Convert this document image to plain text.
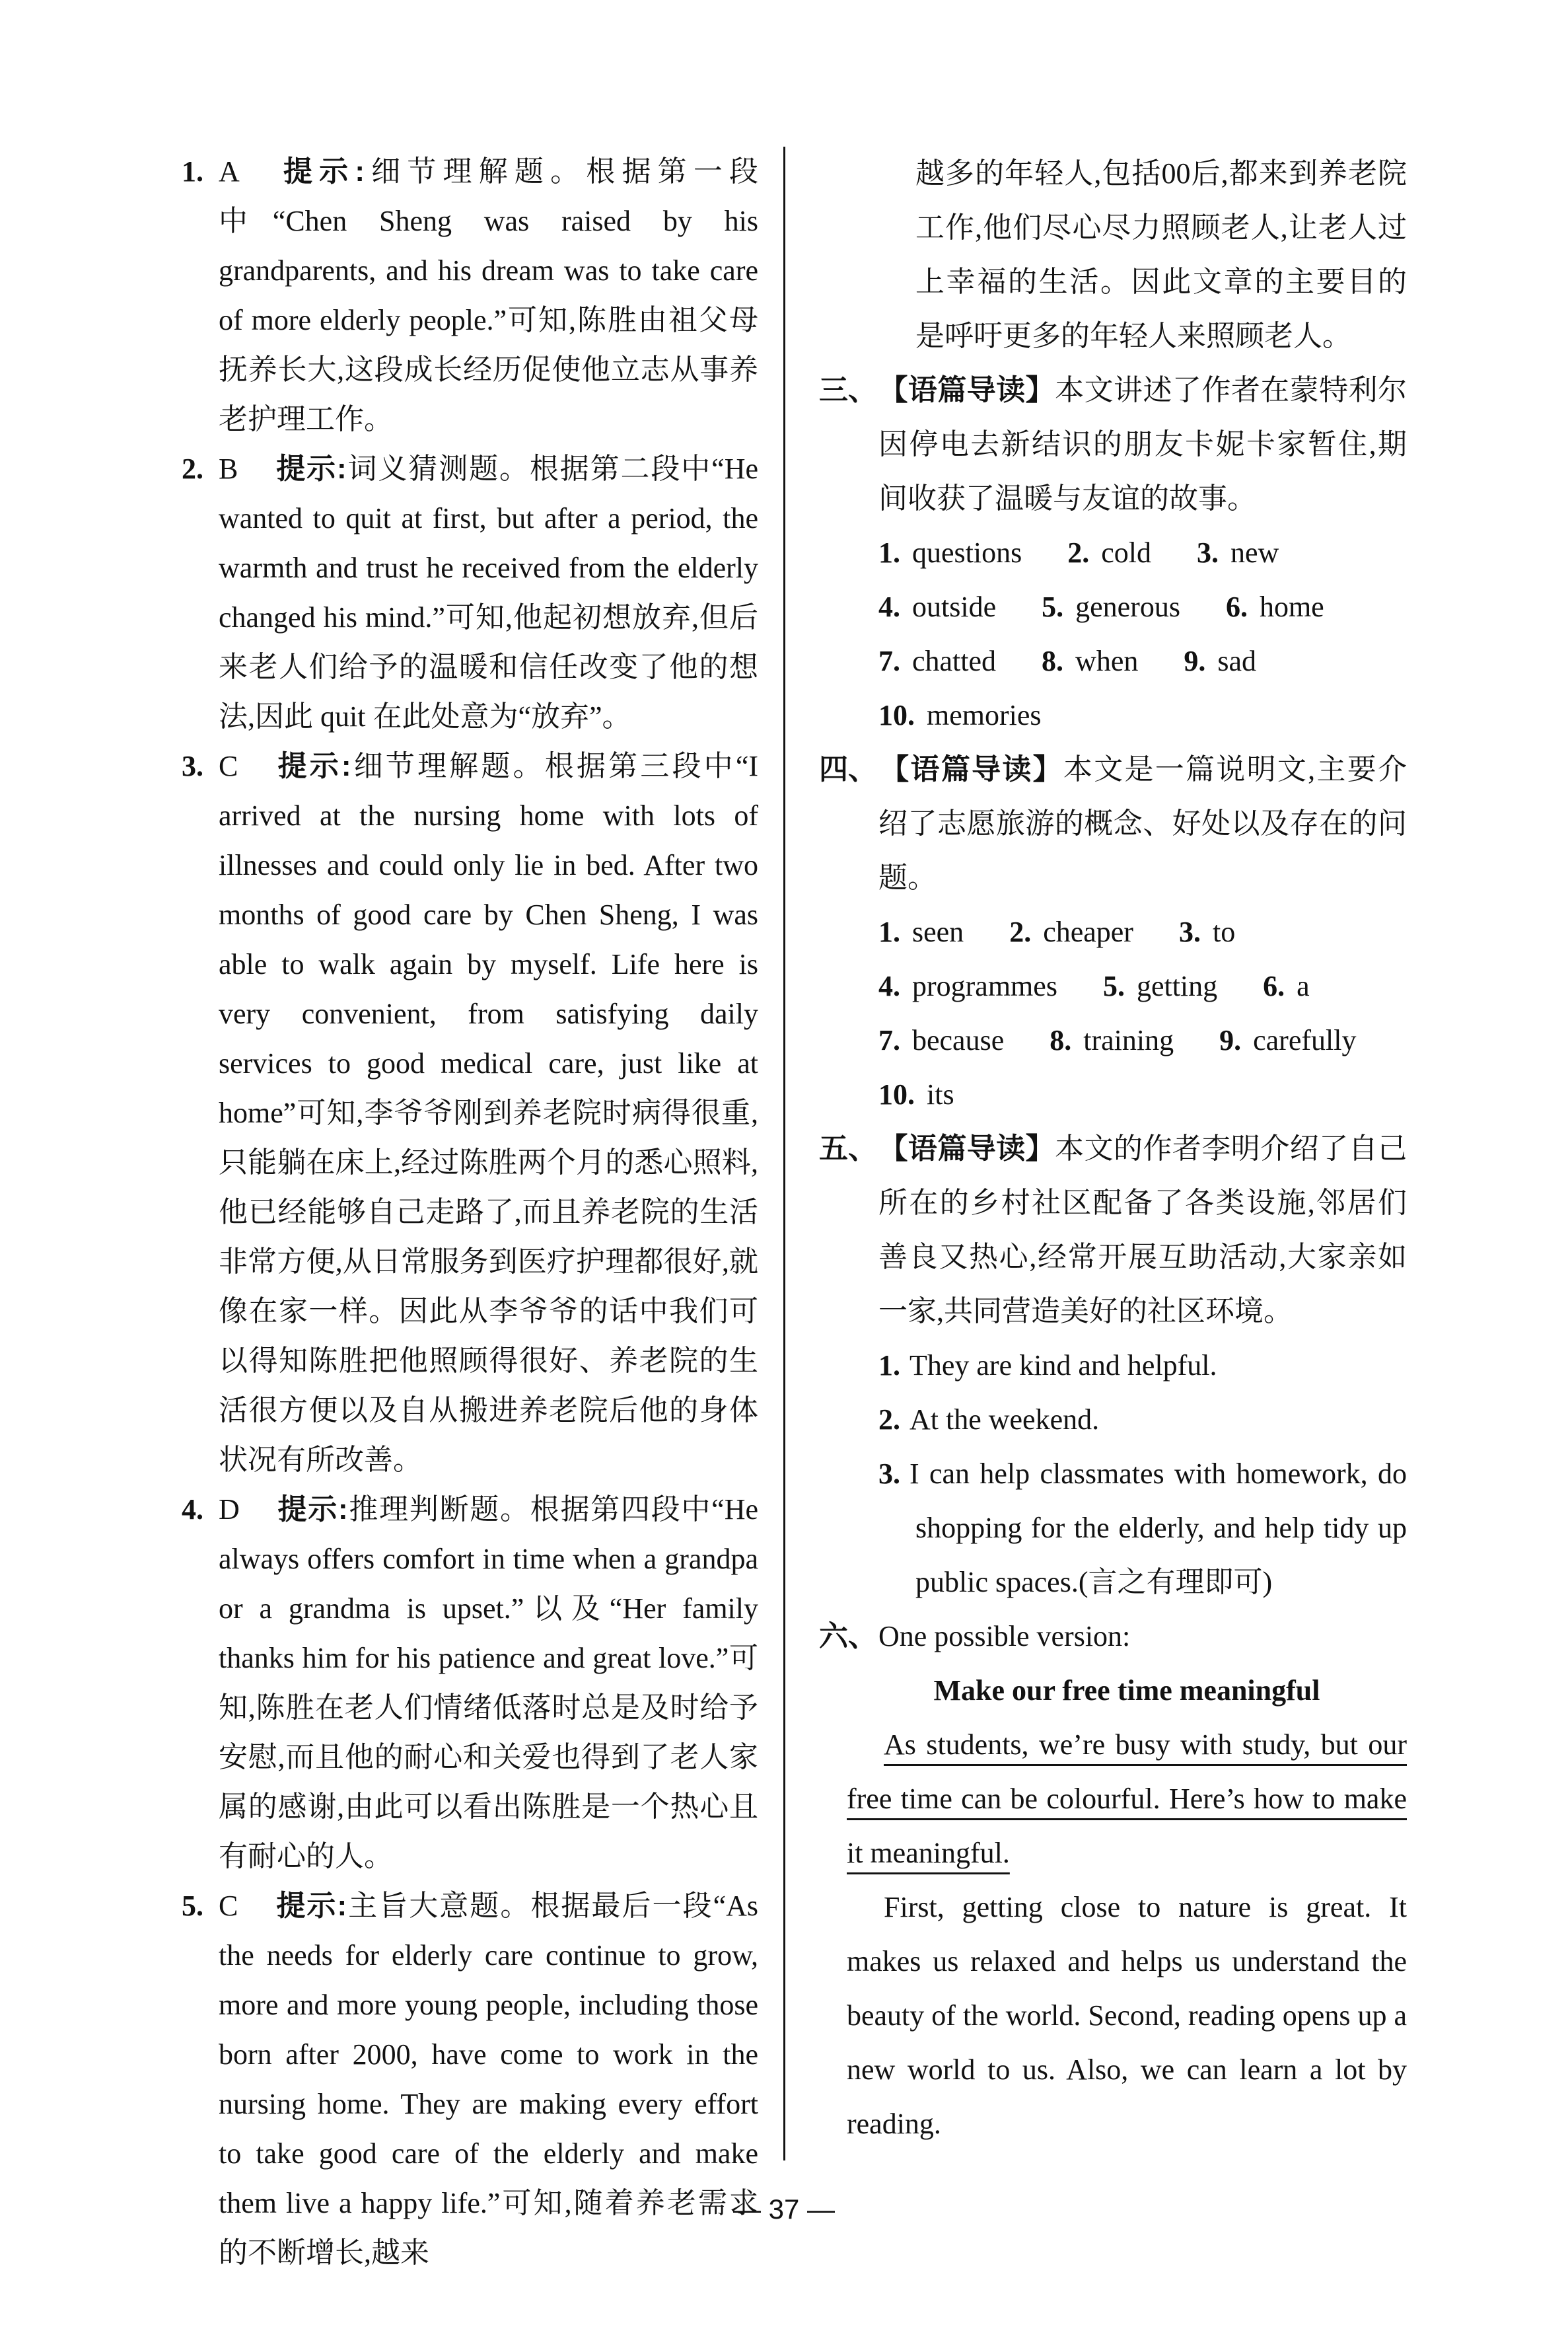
1. A 提示:细节理解题。根据第一段中“Chen Sheng was raised by his grandparents, and his dream was to take care of more elderly people.”可知,陈胜由祖父母抚养长大,这段成长经历促使他立志从事养老护理工作。

2. B 提示:词义猜测题。根据第二段中“He wanted to quit at first, but after a period, the warmth and trust he received from the elderly changed his mind.”可知,他起初想放弃,但后来老人们给予的温暖和信任改变了他的想法,因此 quit 在此处意为“放弃”。

3. C 提示:细节理解题。根据第三段中“I arrived at the nursing home with lots of illnesses and could only lie in bed. After two months of good care by Chen Sheng, I was able to walk again by myself. Life here is very convenient, from satisfying daily services to good medical care, just like at home”可知,李爷爷刚到养老院时病得很重,只能躺在床上,经过陈胜两个月的悉心照料,他已经能够自己走路了,而且养老院的生活非常方便,从日常服务到医疗护理都很好,就像在家一样。因此从李爷爷的话中我们可以得知陈胜把他照顾得很好、养老院的生活很方便以及自从搬进养老院后他的身体状况有所改善。

4. D 提示:推理判断题。根据第四段中“He always offers comfort in time when a grandpa or a grandma is upset.”以及“Her family thanks him for his patience and great love.”可知,陈胜在老人们情绪低落时总是及时给予安慰,而且他的耐心和关爱也得到了老人家属的感谢,由此可以看出陈胜是一个热心且有耐心的人。

5. C 提示:主旨大意题。根据最后一段“As the needs for elderly care continue to grow, more and more young people, including those born after 2000, have come to work in the nursing home. They are making every effort to take good care of the elderly and make them live a happy life.”可知,随着养老需求的不断增长,越来

越多的年轻人,包括00后,都来到养老院工作,他们尽心尽力照顾老人,让老人过上幸福的生活。因此文章的主要目的是呼吁更多的年轻人来照顾老人。

三、【语篇导读】本文讲述了作者在蒙特利尔因停电去新结识的朋友卡妮卡家暂住,期间收获了温暖与友谊的故事。

1. questions 2. cold 3. new

4. outside 5. generous 6. home

7. chatted 8. when 9. sad

10. memories

四、【语篇导读】本文是一篇说明文,主要介绍了志愿旅游的概念、好处以及存在的问题。

1. seen 2. cheaper 3. to

4. programmes 5. getting 6. a

7. because 8. training 9. carefully

10. its

五、【语篇导读】本文的作者李明介绍了自己所在的乡村社区配备了各类设施,邻居们善良又热心,经常开展互助活动,大家亲如一家,共同营造美好的社区环境。

1. They are kind and helpful.

2. At the weekend.

3. I can help classmates with homework, do shopping for the elderly, and help tidy up public spaces.(言之有理即可)

六、One possible version:

Make our free time meaningful

As students, we’re busy with study, but our free time can be colourful. Here’s how to make it meaningful.

First, getting close to nature is great. It makes us relaxed and helps us understand the beauty of the world. Second, reading opens up a new world to us. Also, we can learn a lot by reading.

— 37 —
